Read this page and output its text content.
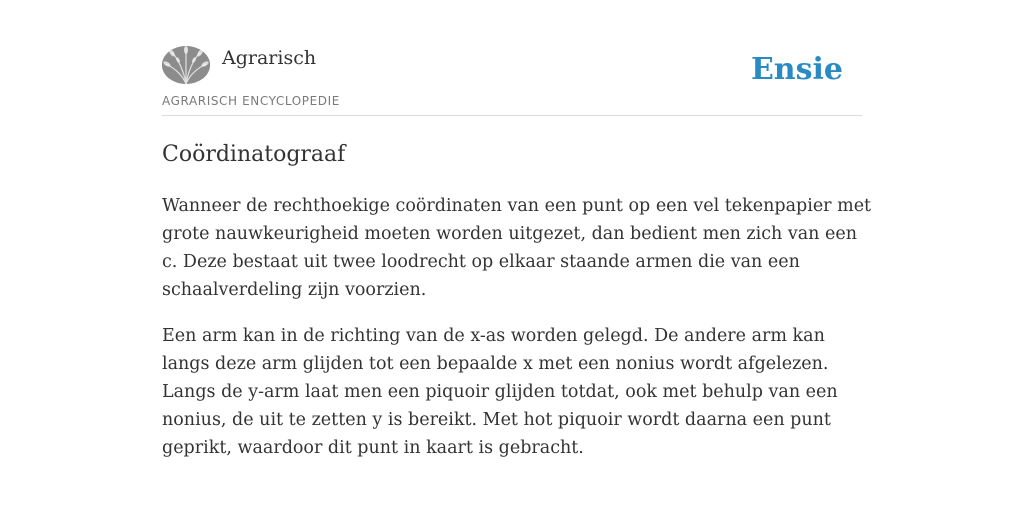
Agrarisch
AGRARISCH ENCYCLOPEDIE
Ensie
Coördinatograaf

Wanneer de rechthoekige coördinaten van een punt op een vel tekenpapier met grote nauwkeurigheid moeten worden uitgezet, dan bedient men zich van een c. Deze bestaat uit twee loodrecht op elkaar staande armen die van een schaalverdeling zijn voorzien.

Een arm kan in de richting van de x-as worden gelegd. De andere arm kan langs deze arm glijden tot een bepaalde x met een nonius wordt afgelezen. Langs de y-arm laat men een piquoir glijden totdat, ook met behulp van een nonius, de uit te zetten y is bereikt. Met hot piquoir wordt daarna een punt geprikt, waardoor dit punt in kaart is gebracht.
